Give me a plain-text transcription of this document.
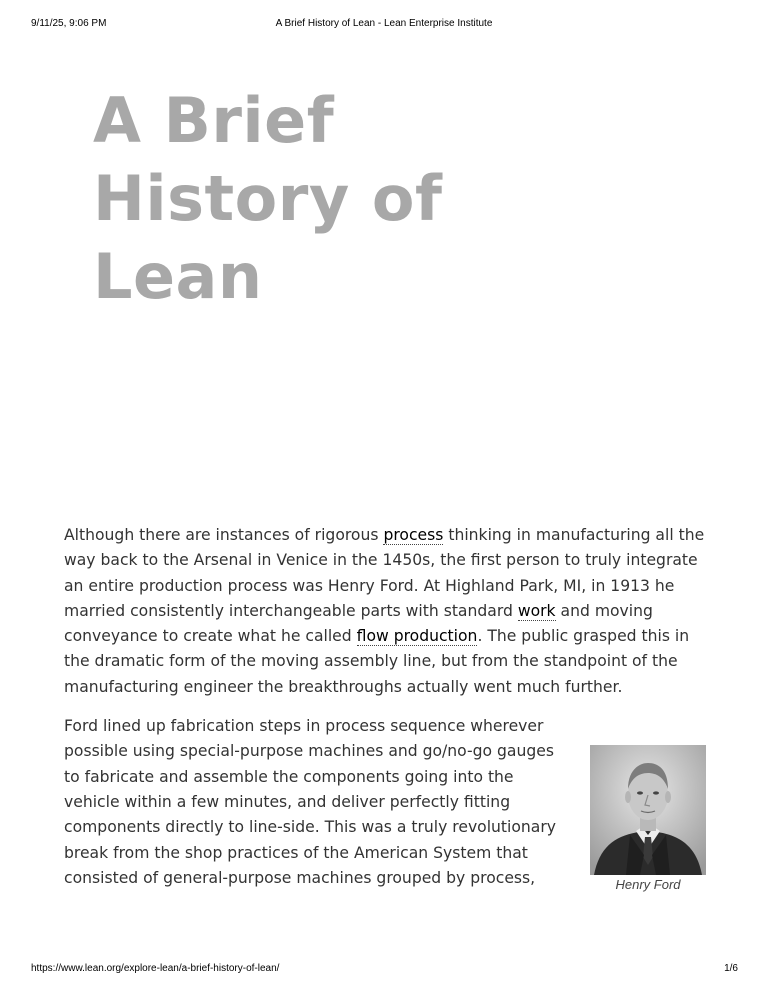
9/11/25, 9:06 PM	A Brief History of Lean - Lean Enterprise Institute
A Brief History of Lean

Although there are instances of rigorous process thinking in manufacturing all the way back to the Arsenal in Venice in the 1450s, the first person to truly integrate an entire production process was Henry Ford. At Highland Park, MI, in 1913 he married consistently interchangeable parts with standard work and moving conveyance to create what he called flow production. The public grasped this in the dramatic form of the moving assembly line, but from the standpoint of the manufacturing engineer the breakthroughs actually went much further.

Ford lined up fabrication steps in process sequence wherever possible using special-purpose machines and go/no-go gauges to fabricate and assemble the components going into the vehicle within a few minutes, and deliver perfectly fitting components directly to line-side. This was a truly revolutionary break from the shop practices of the American System that consisted of general-purpose machines grouped by process,	Henry Ford
https://www.lean.org/explore-lean/a-brief-history-of-lean/	1/6
